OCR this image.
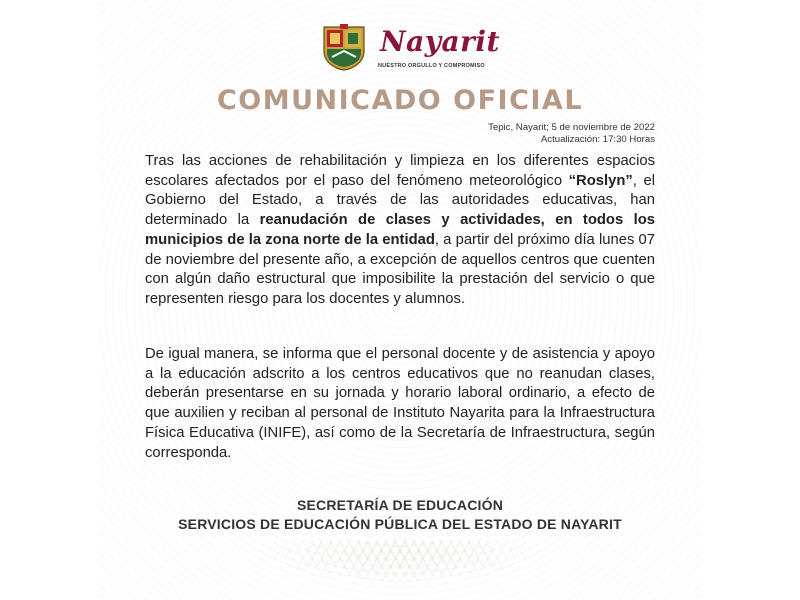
Nayarit
NUESTRO ORGULLO Y COMPROMISO
COMUNICADO OFICIAL
Tepic, Nayarit; 5 de noviembre de 2022
Actualización: 17:30 Horas
Tras las acciones de rehabilitación y limpieza en los diferentes espacios escolares afectados por el paso del fenómeno meteorológico “Roslyn”, el Gobierno del Estado, a través de las autoridades educativas, han determinado la reanudación de clases y actividades, en todos los municipios de la zona norte de la entidad, a partir del próximo día lunes 07 de noviembre del presente año, a excepción de aquellos centros que cuenten con algún daño estructural que imposibilite la prestación del servicio o que representen riesgo para los docentes y alumnos.
De igual manera, se informa que el personal docente y de asistencia y apoyo a la educación adscrito a los centros educativos que no reanudan clases, deberán presentarse en su jornada y horario laboral ordinario, a efecto de que auxilien y reciban al personal de Instituto Nayarita para la Infraestructura Física Educativa (INIFE), así como de la Secretaría de Infraestructura, según corresponda.
SECRETARÍA DE EDUCACIÓN
SERVICIOS DE EDUCACIÓN PÚBLICA DEL ESTADO DE NAYARIT
